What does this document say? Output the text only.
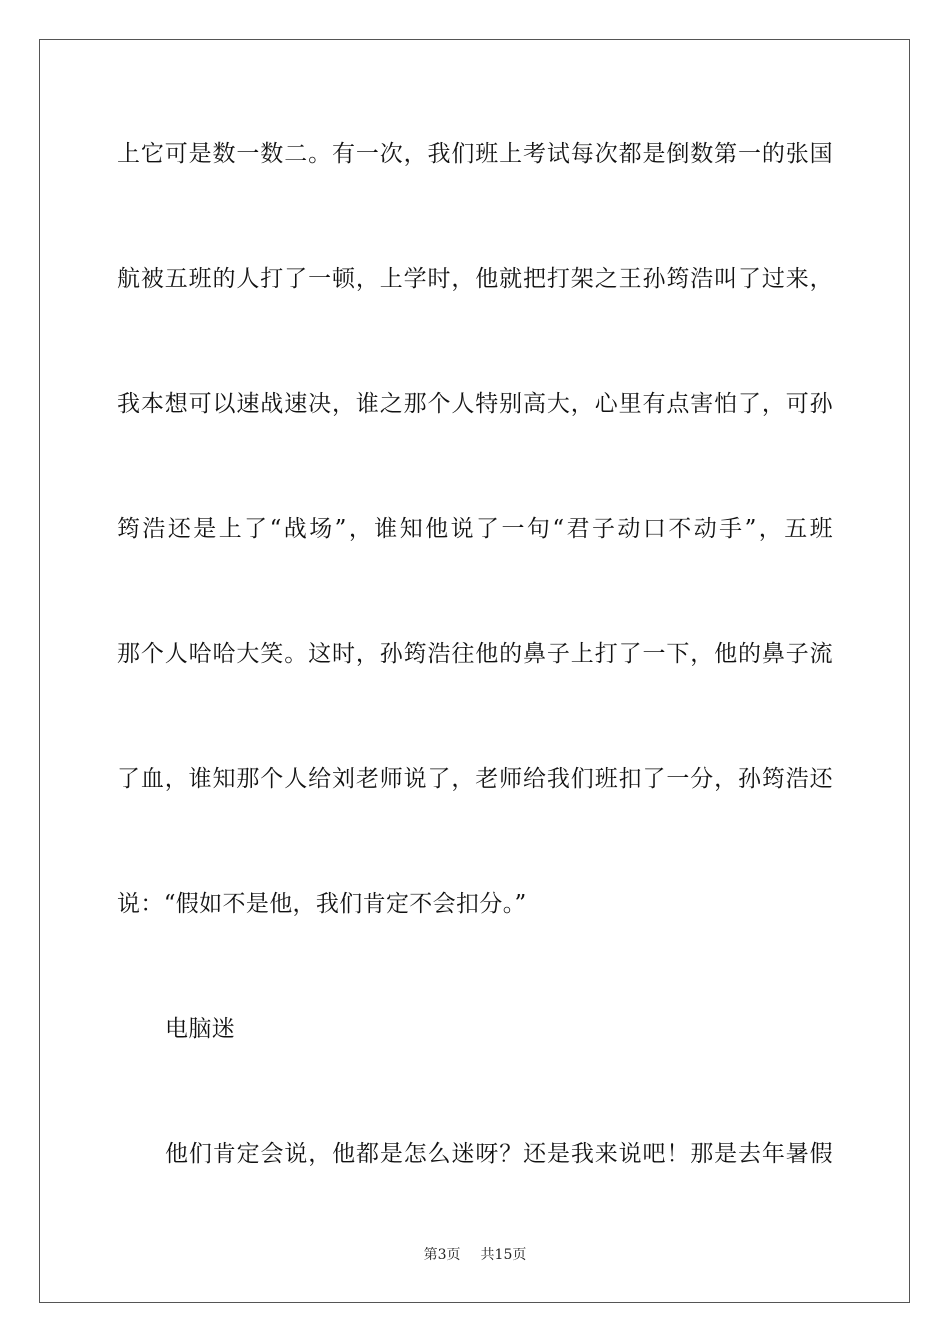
上它可是数一数二。有一次，我们班上考试每次都是倒数第一的张国
航被五班的人打了一顿，上学时，他就把打架之王孙筠浩叫了过来，
我本想可以速战速决，谁之那个人特别高大，心里有点害怕了，可孙
筠浩还是上了“战场”，谁知他说了一句“君子动口不动手”，五班
那个人哈哈大笑。这时，孙筠浩往他的鼻子上打了一下，他的鼻子流
了血，谁知那个人给刘老师说了，老师给我们班扣了一分，孙筠浩还
说：“假如不是他，我们肯定不会扣分。”
电脑迷
他们肯定会说，他都是怎么迷呀？还是我来说吧！那是去年暑假
第3页 共15页
